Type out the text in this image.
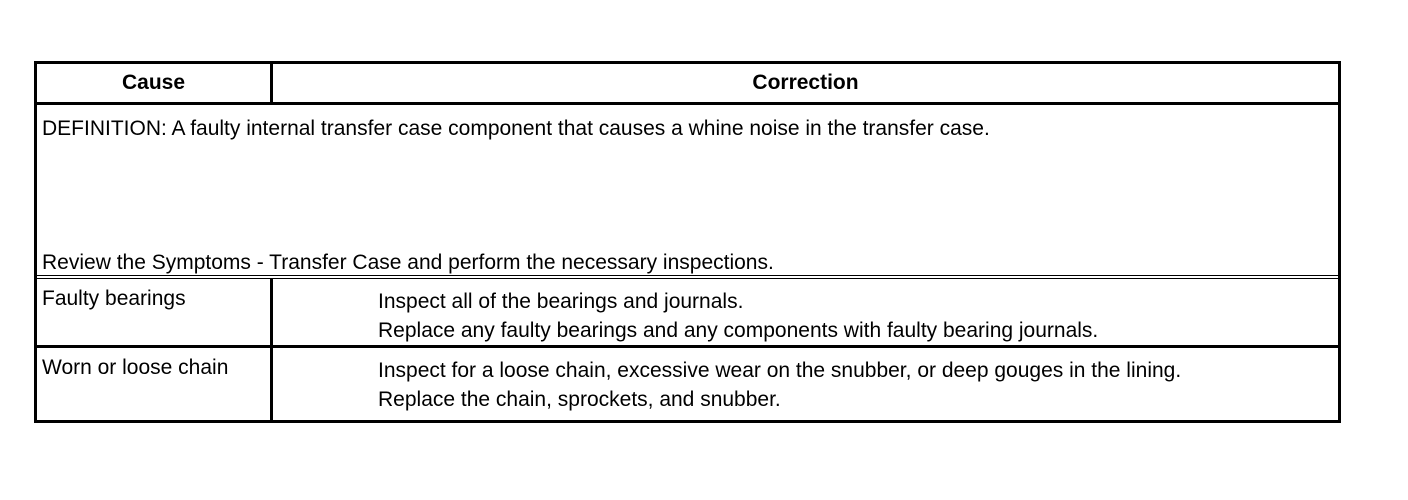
Cause	Correction
DEFINITION: A faulty internal transfer case component that causes a whine noise in the transfer case.
Review the Symptoms - Transfer Case and perform the necessary inspections.
Faulty bearings	Inspect all of the bearings and journals.
Replace any faulty bearings and any components with faulty bearing journals.
Worn or loose chain	Inspect for a loose chain, excessive wear on the snubber, or deep gouges in the lining.
Replace the chain, sprockets, and snubber.
